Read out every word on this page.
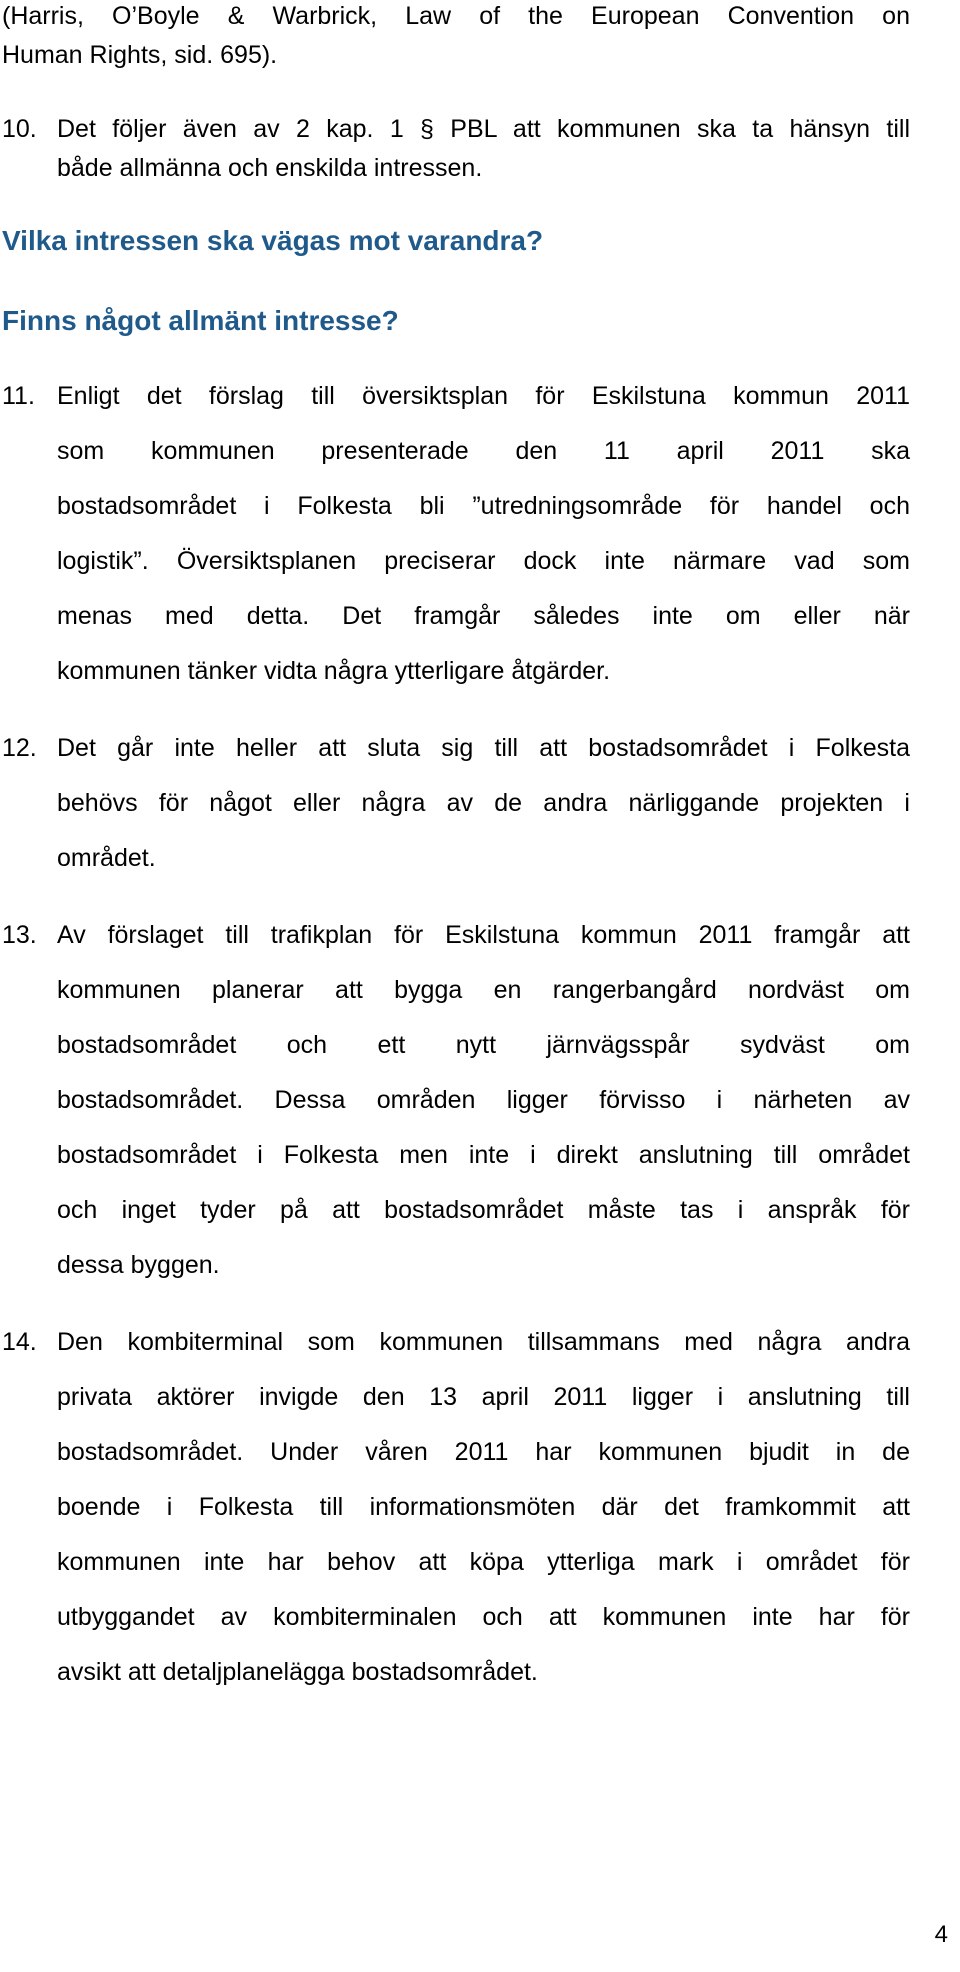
(Harris, O’Boyle & Warbrick, Law of the European Convention on
Human Rights, sid. 695).
10. Det följer även av 2 kap. 1 § PBL att kommunen ska ta hänsyn till
både allmänna och enskilda intressen.
Vilka intressen ska vägas mot varandra?
Finns något allmänt intresse?
11. Enligt det förslag till översiktsplan för Eskilstuna kommun 2011
som kommunen presenterade den 11 april 2011 ska
bostadsområdet i Folkesta bli ”utredningsområde för handel och
logistik”. Översiktsplanen preciserar dock inte närmare vad som
menas med detta. Det framgår således inte om eller när
kommunen tänker vidta några ytterligare åtgärder.
12. Det går inte heller att sluta sig till att bostadsområdet i Folkesta
behövs för något eller några av de andra närliggande projekten i
området.
13. Av förslaget till trafikplan för Eskilstuna kommun 2011 framgår att
kommunen planerar att bygga en rangerbangård nordväst om
bostadsområdet och ett nytt järnvägsspår sydväst om
bostadsområdet. Dessa områden ligger förvisso i närheten av
bostadsområdet i Folkesta men inte i direkt anslutning till området
och inget tyder på att bostadsområdet måste tas i anspråk för
dessa byggen.
14. Den kombiterminal som kommunen tillsammans med några andra
privata aktörer invigde den 13 april 2011 ligger i anslutning till
bostadsområdet. Under våren 2011 har kommunen bjudit in de
boende i Folkesta till informationsmöten där det framkommit att
kommunen inte har behov att köpa ytterliga mark i området för
utbyggandet av kombiterminalen och att kommunen inte har för
avsikt att detaljplanelägga bostadsområdet.
4
